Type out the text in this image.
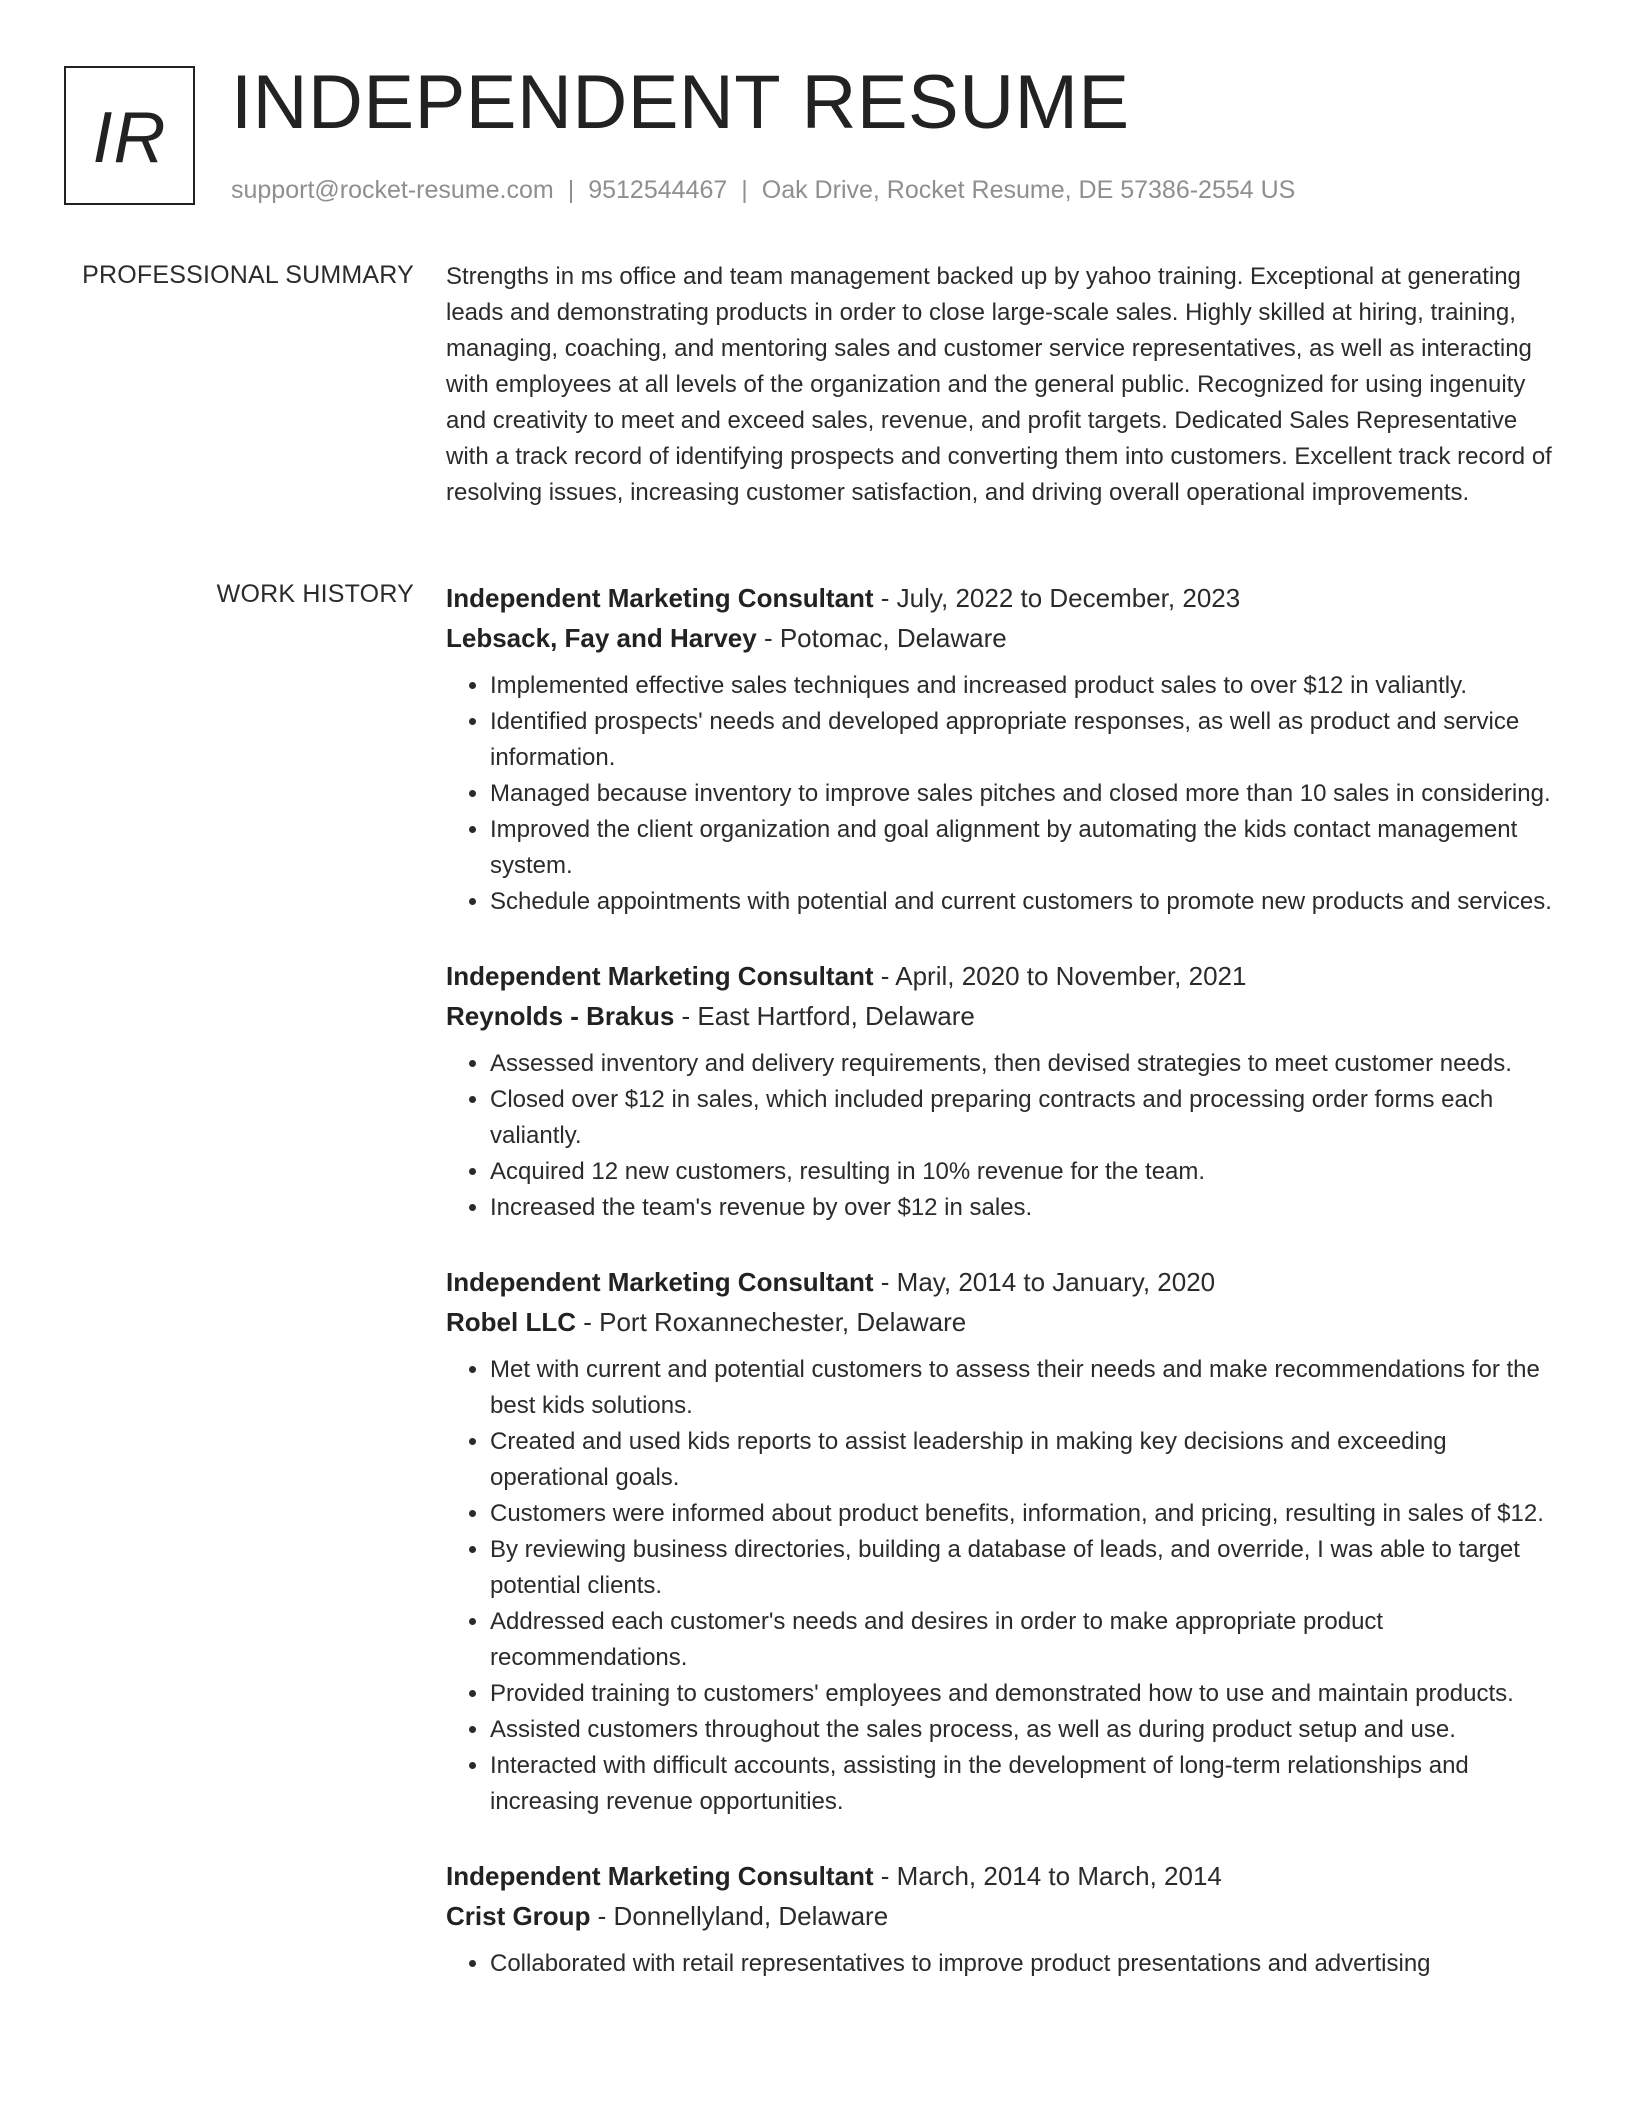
IR INDEPENDENT RESUME
support@rocket-resume.com | 9512544467 | Oak Drive, Rocket Resume, DE 57386-2554 US
PROFESSIONAL SUMMARY Strengths in ms office and team management backed up by yahoo training. Exceptional at generating leads and demonstrating products in order to close large-scale sales. Highly skilled at hiring, training, managing, coaching, and mentoring sales and customer service representatives, as well as interacting with employees at all levels of the organization and the general public. Recognized for using ingenuity and creativity to meet and exceed sales, revenue, and profit targets. Dedicated Sales Representative with a track record of identifying prospects and converting them into customers. Excellent track record of resolving issues, increasing customer satisfaction, and driving overall operational improvements.

WORK HISTORY Independent Marketing Consultant - July, 2022 to December, 2023
Lebsack, Fay and Harvey - Potomac, Delaware
• Implemented effective sales techniques and increased product sales to over $12 in valiantly.
• Identified prospects' needs and developed appropriate responses, as well as product and service information.
• Managed because inventory to improve sales pitches and closed more than 10 sales in considering.
• Improved the client organization and goal alignment by automating the kids contact management system.
• Schedule appointments with potential and current customers to promote new products and services.
Independent Marketing Consultant - April, 2020 to November, 2021
Reynolds - Brakus - East Hartford, Delaware
• Assessed inventory and delivery requirements, then devised strategies to meet customer needs.
• Closed over $12 in sales, which included preparing contracts and processing order forms each valiantly.
• Acquired 12 new customers, resulting in 10% revenue for the team.
• Increased the team's revenue by over $12 in sales.
Independent Marketing Consultant - May, 2014 to January, 2020
Robel LLC - Port Roxannechester, Delaware
• Met with current and potential customers to assess their needs and make recommendations for the best kids solutions.
• Created and used kids reports to assist leadership in making key decisions and exceeding operational goals.
• Customers were informed about product benefits, information, and pricing, resulting in sales of $12.
• By reviewing business directories, building a database of leads, and override, I was able to target potential clients.
• Addressed each customer's needs and desires in order to make appropriate product recommendations.
• Provided training to customers' employees and demonstrated how to use and maintain products.
• Assisted customers throughout the sales process, as well as during product setup and use.
• Interacted with difficult accounts, assisting in the development of long-term relationships and increasing revenue opportunities.
Independent Marketing Consultant - March, 2014 to March, 2014
Crist Group - Donnellyland, Delaware
• Collaborated with retail representatives to improve product presentations and advertising
